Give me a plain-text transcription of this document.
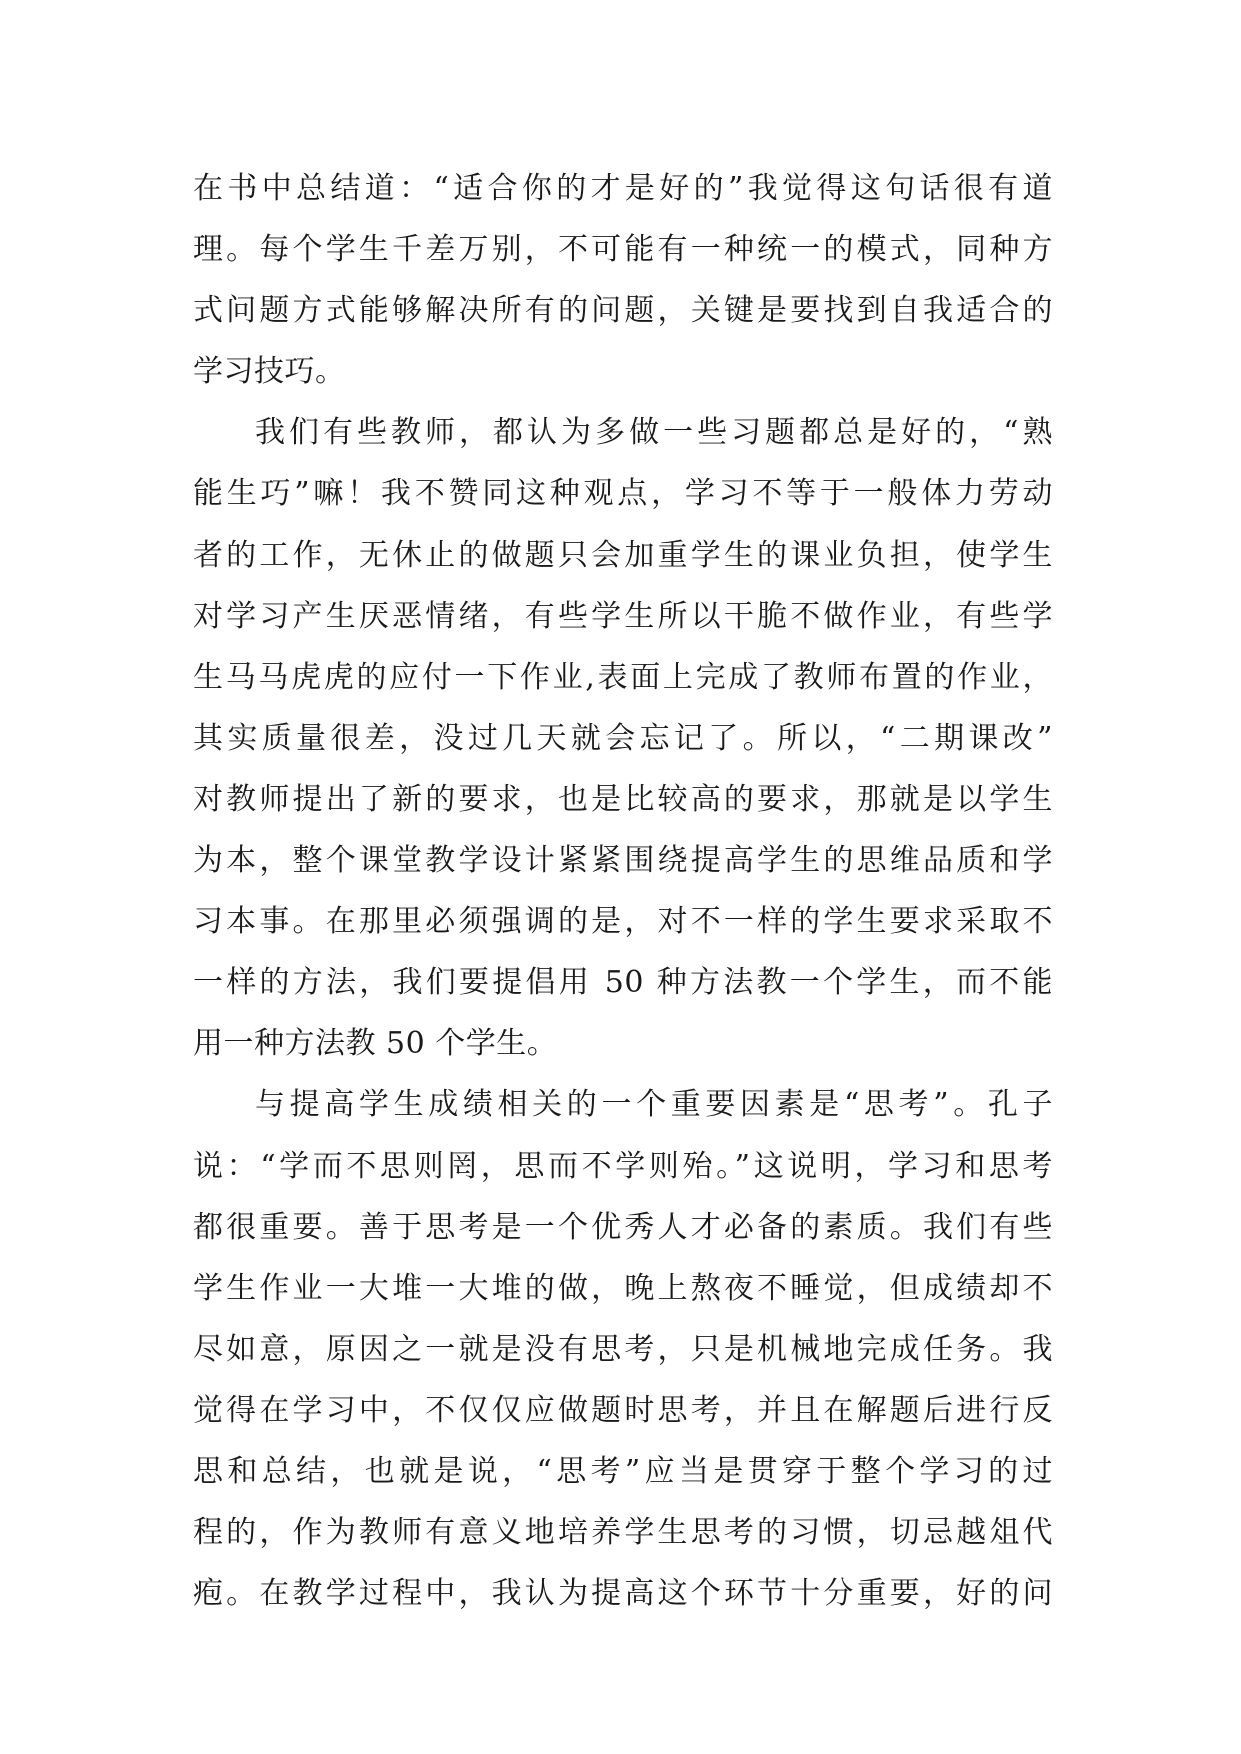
在书中总结道：“适合你的才是好的”我觉得这句话很有道
理。每个学生千差万别，不可能有一种统一的模式，同种方
式问题方式能够解决所有的问题，关键是要找到自我适合的
学习技巧。
我们有些教师，都认为多做一些习题都总是好的，“熟
能生巧”嘛！我不赞同这种观点，学习不等于一般体力劳动
者的工作，无休止的做题只会加重学生的课业负担，使学生
对学习产生厌恶情绪，有些学生所以干脆不做作业，有些学
生马马虎虎的应付一下作业,表面上完成了教师布置的作业，
其实质量很差，没过几天就会忘记了。所以，“二期课改”
对教师提出了新的要求，也是比较高的要求，那就是以学生
为本，整个课堂教学设计紧紧围绕提高学生的思维品质和学
习本事。在那里必须强调的是，对不一样的学生要求采取不
一样的方法，我们要提倡用 50 种方法教一个学生，而不能
用一种方法教 50 个学生。
与提高学生成绩相关的一个重要因素是“思考”。孔子
说：“学而不思则罔，思而不学则殆。”这说明，学习和思考
都很重要。善于思考是一个优秀人才必备的素质。我们有些
学生作业一大堆一大堆的做，晚上熬夜不睡觉，但成绩却不
尽如意，原因之一就是没有思考，只是机械地完成任务。我
觉得在学习中，不仅仅应做题时思考，并且在解题后进行反
思和总结，也就是说，“思考”应当是贯穿于整个学习的过
程的，作为教师有意义地培养学生思考的习惯，切忌越俎代
疱。在教学过程中，我认为提高这个环节十分重要，好的问
